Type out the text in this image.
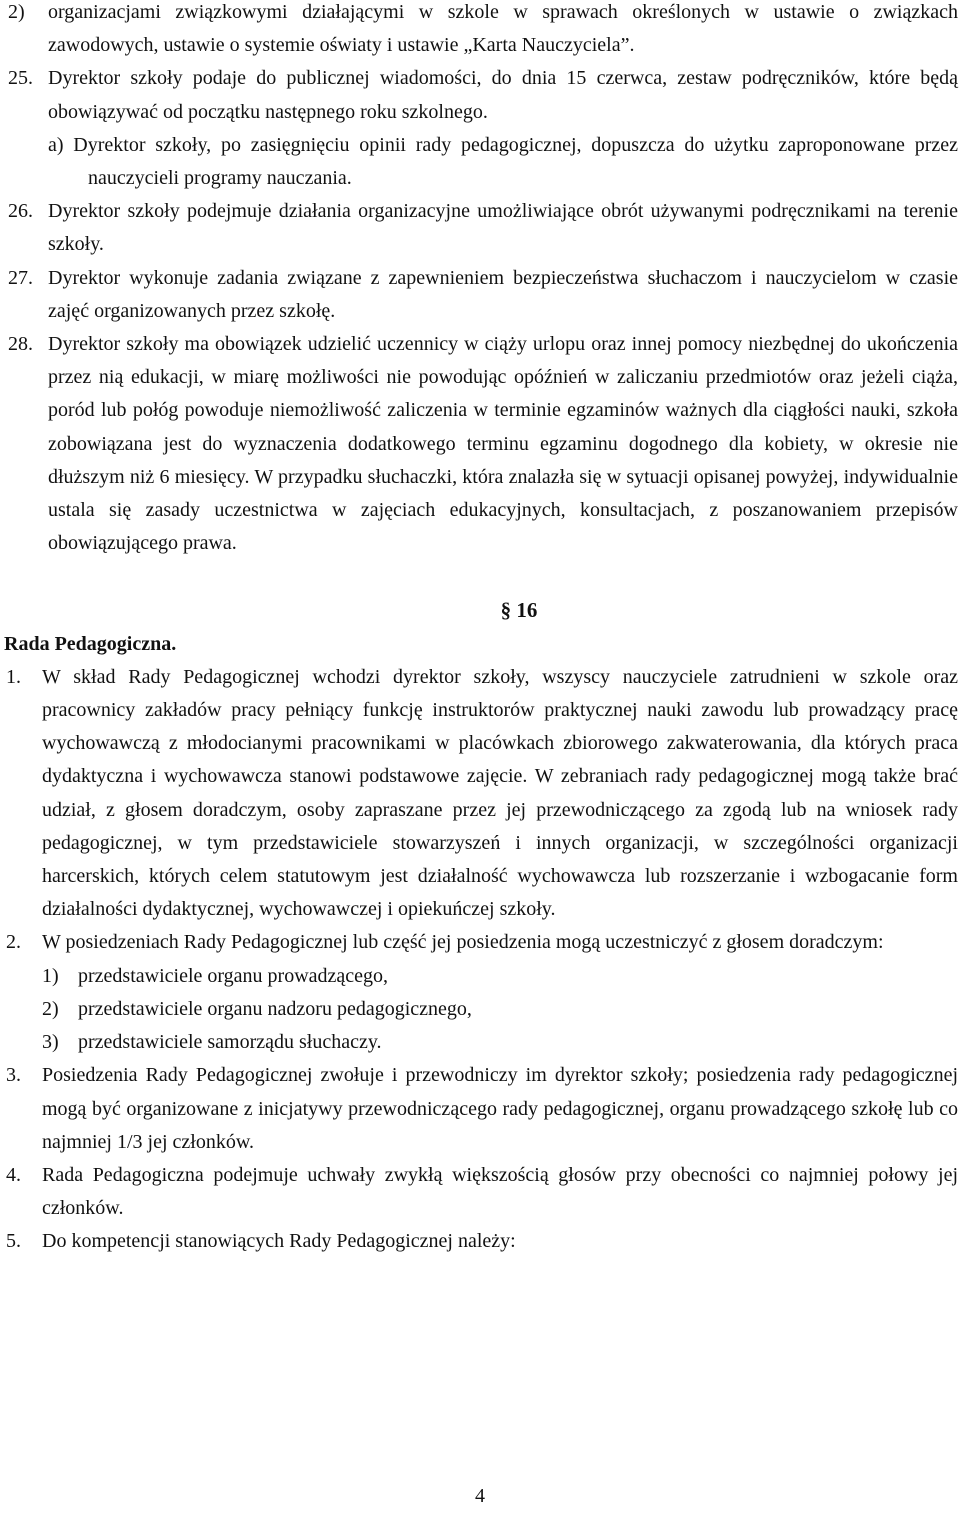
2) organizacjami związkowymi działającymi w szkole w sprawach określonych w ustawie o związkach zawodowych, ustawie o systemie oświaty i ustawie „Karta Nauczyciela”.
25. Dyrektor szkoły podaje do publicznej wiadomości, do dnia 15 czerwca, zestaw podręczników, które będą obowiązywać od początku następnego roku szkolnego.
a) Dyrektor szkoły, po zasięgnięciu opinii rady pedagogicznej, dopuszcza do użytku zaproponowane przez nauczycieli programy nauczania.
26. Dyrektor szkoły podejmuje działania organizacyjne umożliwiające obrót używanymi podręcznikami na terenie szkoły.
27. Dyrektor wykonuje zadania związane z zapewnieniem bezpieczeństwa słuchaczom i nauczycielom w czasie zajęć organizowanych przez szkołę.
28. Dyrektor szkoły ma obowiązek udzielić uczennicy w ciąży urlopu oraz innej pomocy niezbędnej do ukończenia przez nią edukacji, w miarę możliwości nie powodując opóźnień w zaliczaniu przedmiotów oraz jeżeli ciąża, poród lub połóg powoduje niemożliwość zaliczenia w terminie egzaminów ważnych dla ciągłości nauki, szkoła zobowiązana jest do wyznaczenia dodatkowego terminu egzaminu dogodnego dla kobiety, w okresie nie dłuższym niż 6 miesięcy. W przypadku słuchaczki, która znalazła się w sytuacji opisanej powyżej, indywidualnie ustala się zasady uczestnictwa w zajęciach edukacyjnych, konsultacjach, z poszanowaniem przepisów obowiązującego prawa.
§ 16
Rada Pedagogiczna.
1. W skład Rady Pedagogicznej wchodzi dyrektor szkoły, wszyscy nauczyciele zatrudnieni w szkole oraz pracownicy zakładów pracy pełniący funkcję instruktorów praktycznej nauki zawodu lub prowadzący pracę wychowawczą z młodocianymi pracownikami w placówkach zbiorowego zakwaterowania, dla których praca dydaktyczna i wychowawcza stanowi podstawowe zajęcie. W zebraniach rady pedagogicznej mogą także brać udział, z głosem doradczym, osoby zapraszane przez jej przewodniczącego za zgodą lub na wniosek rady pedagogicznej, w tym przedstawiciele stowarzyszeń i innych organizacji, w szczególności organizacji harcerskich, których celem statutowym jest działalność wychowawcza lub rozszerzanie i wzbogacanie form działalności dydaktycznej, wychowawczej i opiekuńczej szkoły.
2. W posiedzeniach Rady Pedagogicznej lub część jej posiedzenia mogą uczestniczyć z głosem doradczym:
1) przedstawiciele organu prowadzącego,
2) przedstawiciele organu nadzoru pedagogicznego,
3) przedstawiciele samorządu słuchaczy.
3. Posiedzenia Rady Pedagogicznej zwołuje i przewodniczy im dyrektor szkoły; posiedzenia rady pedagogicznej mogą być organizowane z inicjatywy przewodniczącego rady pedagogicznej, organu prowadzącego szkołę lub co najmniej 1/3 jej członków.
4. Rada Pedagogiczna podejmuje uchwały zwykłą większością głosów przy obecności co najmniej połowy jej członków.
5. Do kompetencji stanowiących Rady Pedagogicznej należy:
4
